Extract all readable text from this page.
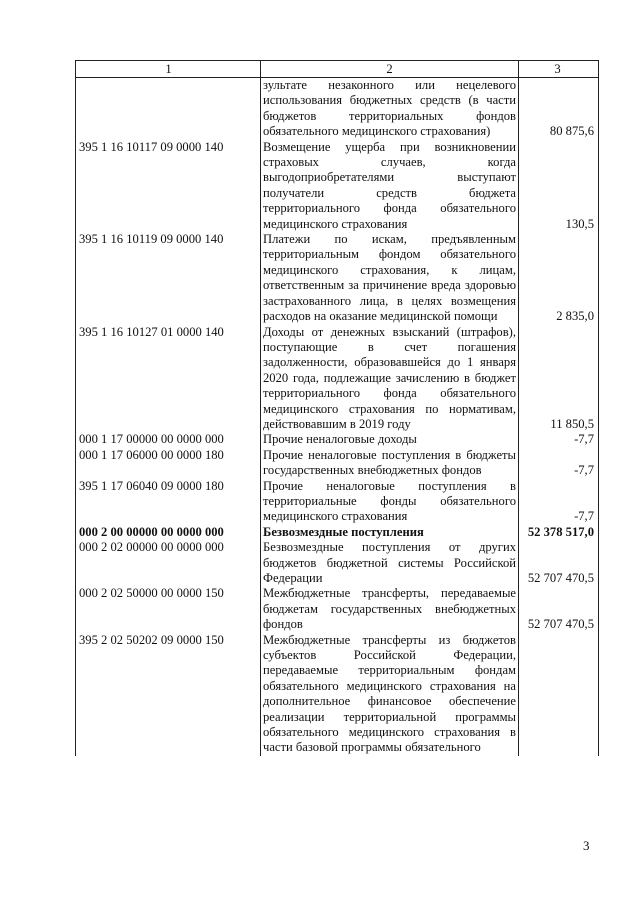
1	2	3
	зультате незаконного или нецелевого использования бюджетных средств (в части бюджетов территориальных фондов обязательного медицинского страхования)	80 875,6
395 1 16 10117 09 0000 140	Возмещение ущерба при возникновении страховых случаев, когда выгодоприобретателями выступают получатели средств бюджета территориального фонда обязательного медицинского страхования	130,5
395 1 16 10119 09 0000 140	Платежи по искам, предъявленным территориальным фондом обязательного медицинского страхования, к лицам, ответственным за причинение вреда здоровью застрахованного лица, в целях возмещения расходов на оказание медицинской помощи	2 835,0
395 1 16 10127 01 0000 140	Доходы от денежных взысканий (штрафов), поступающие в счет погашения задолженности, образовавшейся до 1 января 2020 года, подлежащие зачислению в бюджет территориального фонда обязательного медицинского страхования по нормативам, действовавшим в 2019 году	11 850,5
000 1 17 00000 00 0000 000	Прочие неналоговые доходы	-7,7
000 1 17 06000 00 0000 180	Прочие неналоговые поступления в бюджеты государственных внебюджетных фондов	-7,7
395 1 17 06040 09 0000 180	Прочие неналоговые поступления в территориальные фонды обязательного медицинского страхования	-7,7
000 2 00 00000 00 0000 000	Безвозмездные поступления	52 378 517,0
000 2 02 00000 00 0000 000	Безвозмездные поступления от других бюджетов бюджетной системы Российской Федерации	52 707 470,5
000 2 02 50000 00 0000 150	Межбюджетные трансферты, передаваемые бюджетам государственных внебюджетных фондов	52 707 470,5
395 2 02 50202 09 0000 150	Межбюджетные трансферты из бюджетов субъектов Российской Федерации, передаваемые территориальным фондам обязательного медицинского страхования на дополнительное финансовое обеспечение реализации территориальной программы обязательного медицинского страхования в части базовой программы обязательного	
3
